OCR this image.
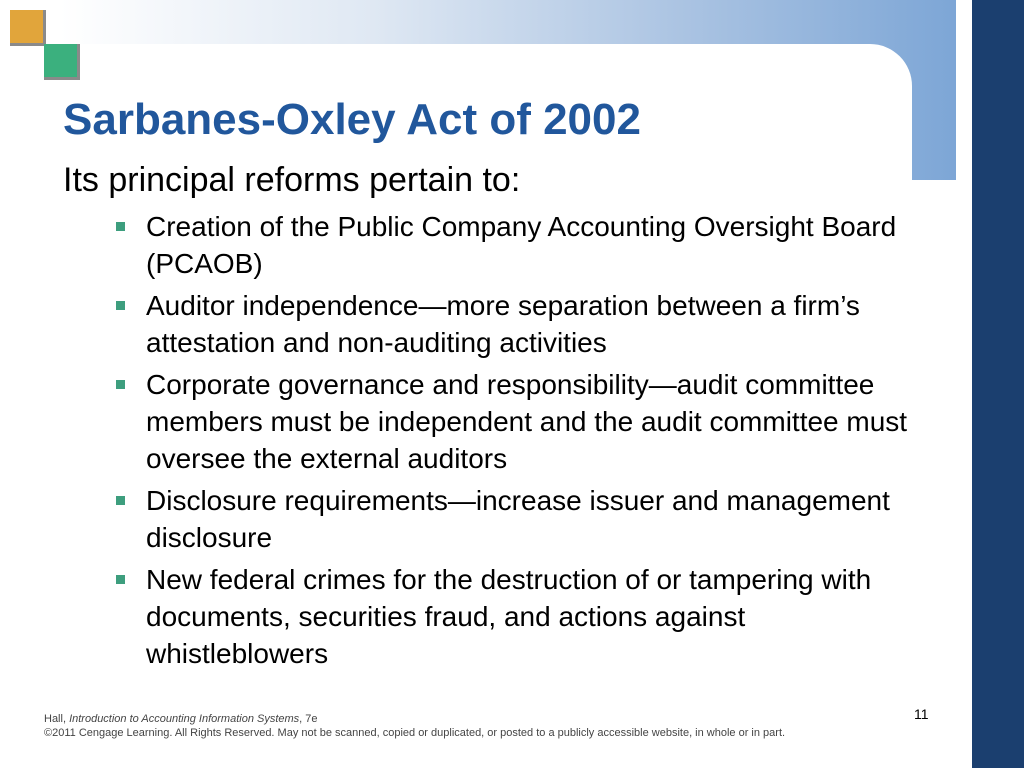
Sarbanes-Oxley Act of 2002

Its principal reforms pertain to:

Creation of the Public Company Accounting Oversight Board (PCAOB)
Auditor independence—more separation between a firm’s attestation and non-auditing activities
Corporate governance and responsibility—audit committee members must be independent and the audit committee must oversee the external auditors
Disclosure requirements—increase issuer and management disclosure
New federal crimes for the destruction of or tampering with documents, securities fraud, and actions against whistleblowers
Hall, Introduction to Accounting Information Systems, 7e
©2011 Cengage Learning. All Rights Reserved. May not be scanned, copied or duplicated, or posted to a publicly accessible website, in whole or in part.
11
